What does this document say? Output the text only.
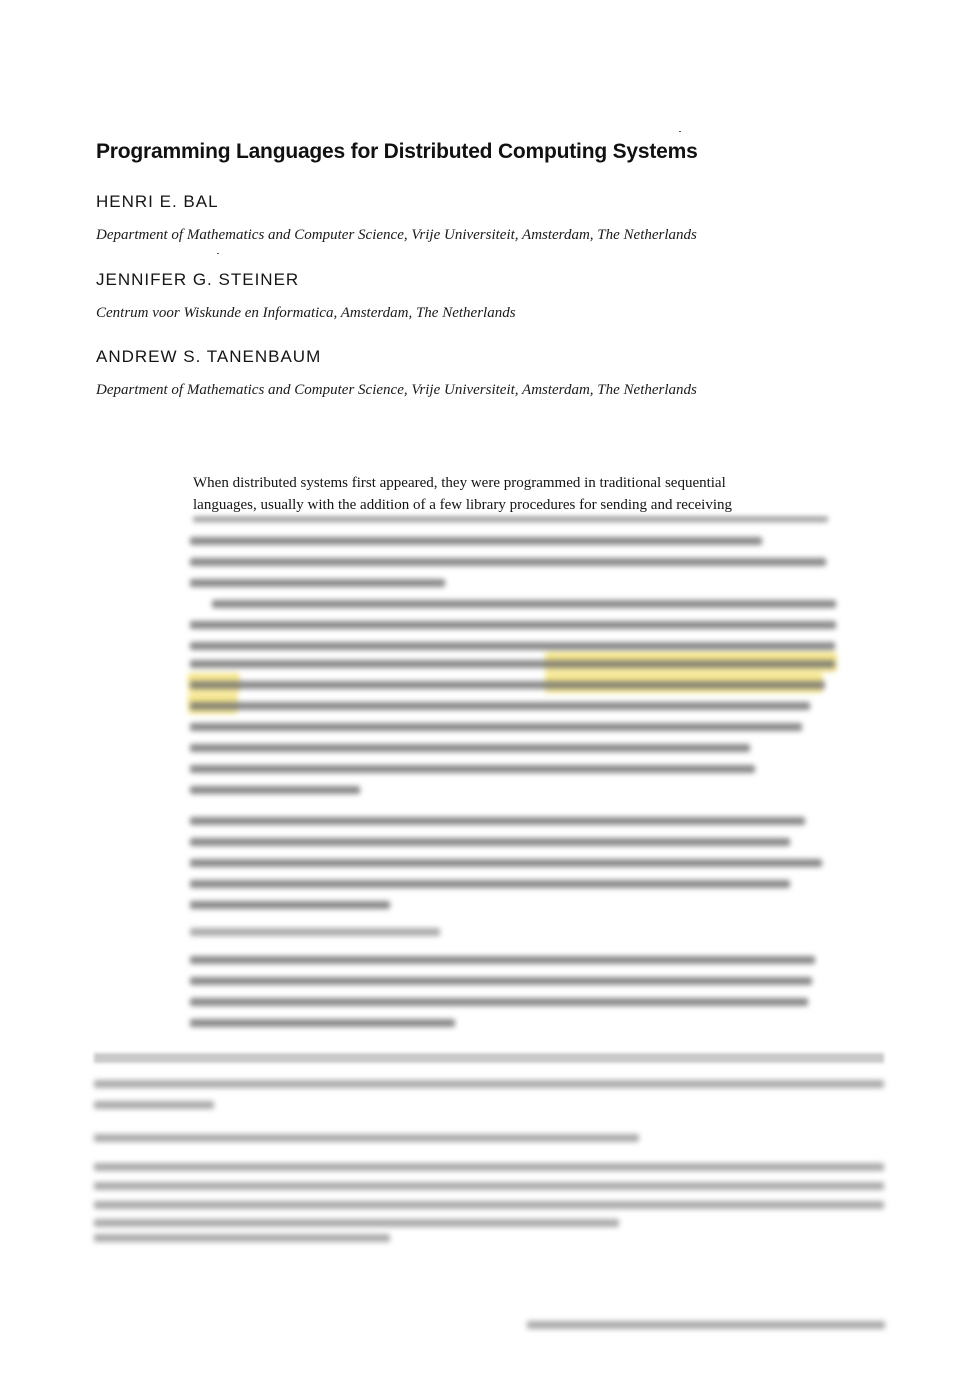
Programming Languages for Distributed Computing Systems

HENRI E. BAL

Department of Mathematics and Computer Science, Vrije Universiteit, Amsterdam, The Netherlands

JENNIFER G. STEINER

Centrum voor Wiskunde en Informatica, Amsterdam, The Netherlands

ANDREW S. TANENBAUM

Department of Mathematics and Computer Science, Vrije Universiteit, Amsterdam, The Netherlands

When distributed systems first appeared, they were programmed in traditional sequential

languages, usually with the addition of a few library procedures for sending and receiving
